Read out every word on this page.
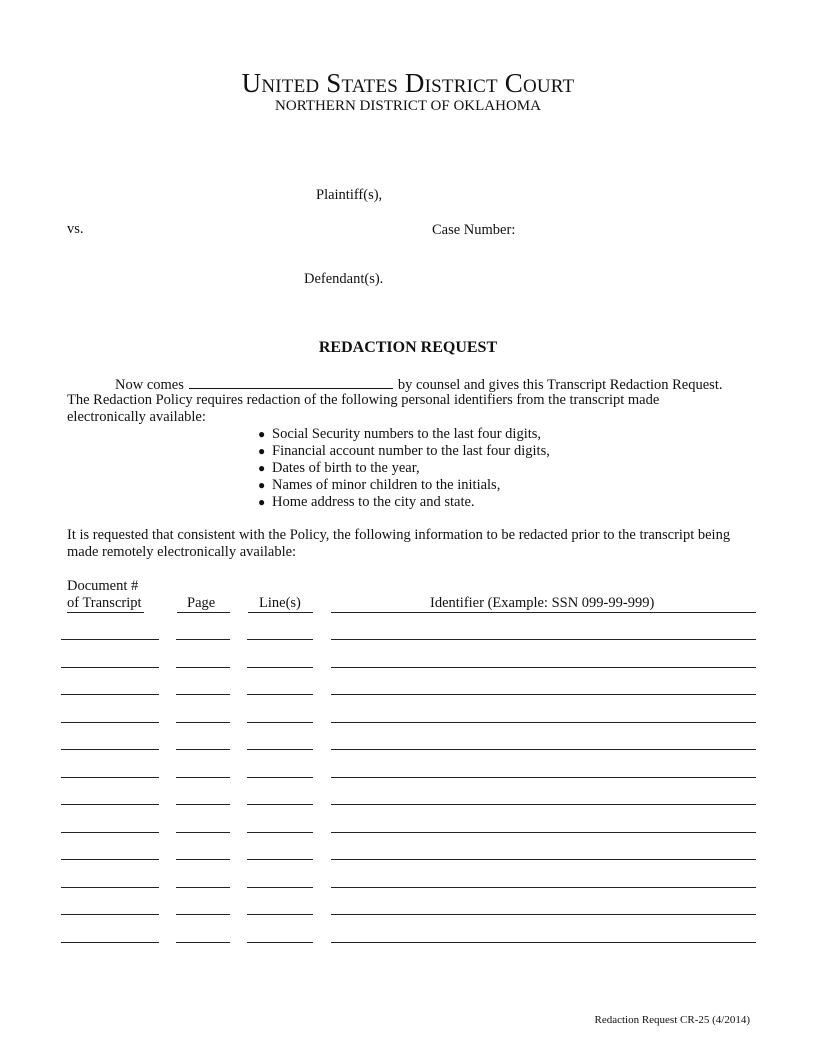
United States District Court
NORTHERN DISTRICT OF OKLAHOMA
Plaintiff(s),
vs.	Case Number:
Defendant(s).
REDACTION REQUEST
Now comes	by counsel and gives this Transcript Redaction Request.
The Redaction Policy requires redaction of the following personal identifiers from the transcript made
electronically available:
● Social Security numbers to the last four digits,
● Financial account number to the last four digits,
● Dates of birth to the year,
● Names of minor children to the initials,
● Home address to the city and state.
It is requested that consistent with the Policy, the following information to be redacted prior to the transcript being
made remotely electronically available:
Document #
of Transcript	Page	Line(s)	Identifier (Example: SSN 099-99-999)
Redaction Request CR-25 (4/2014)
